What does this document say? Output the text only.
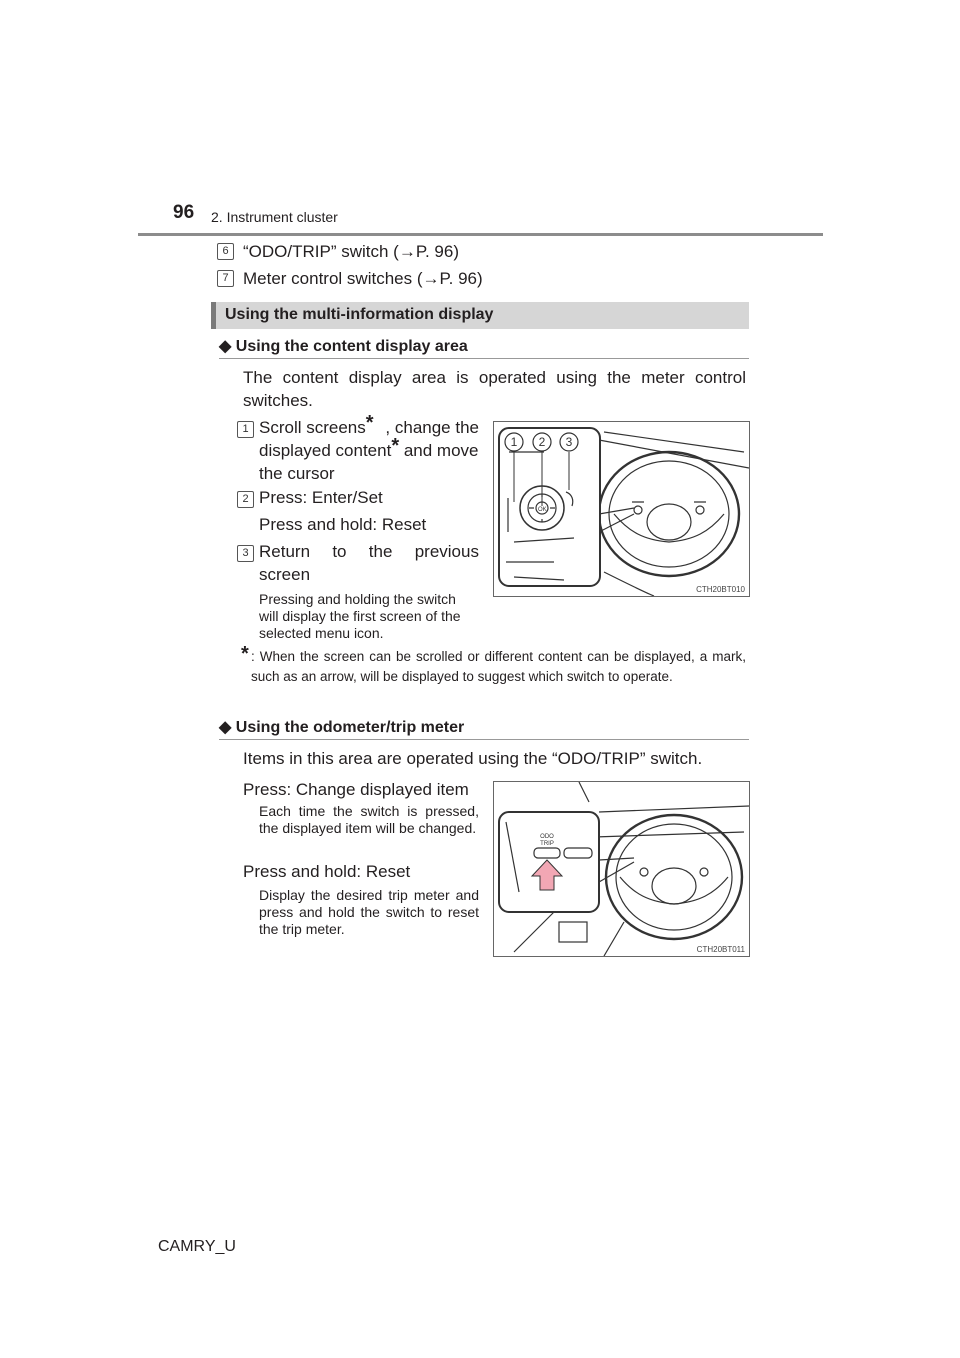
96 2. Instrument cluster
6 “ODO/TRIP” switch (→P. 96)
7 Meter control switches (→P. 96)
Using the multi-information display
◆ Using the content display area
The content display area is operated using the meter control switches.
1 Scroll screens* , change the
displayed content* and move
the cursor
2 Press: Enter/Set
Press and hold: Reset
3 Return to the previous
screen
Pressing and holding the switch will display the first screen of the selected menu icon.
OK
1 2 3
CTH20BT010
* : When the screen can be scrolled or different content can be displayed, a mark, such as an arrow, will be displayed to suggest which switch to operate.
◆ Using the odometer/trip meter
Items in this area are operated using the “ODO/TRIP” switch.
Press: Change displayed item
Each time the switch is pressed, the displayed item will be changed.
Press and hold: Reset
Display the desired trip meter and press and hold the switch to reset the trip meter.
ODO
TRIP
CTH20BT011
CAMRY_U
